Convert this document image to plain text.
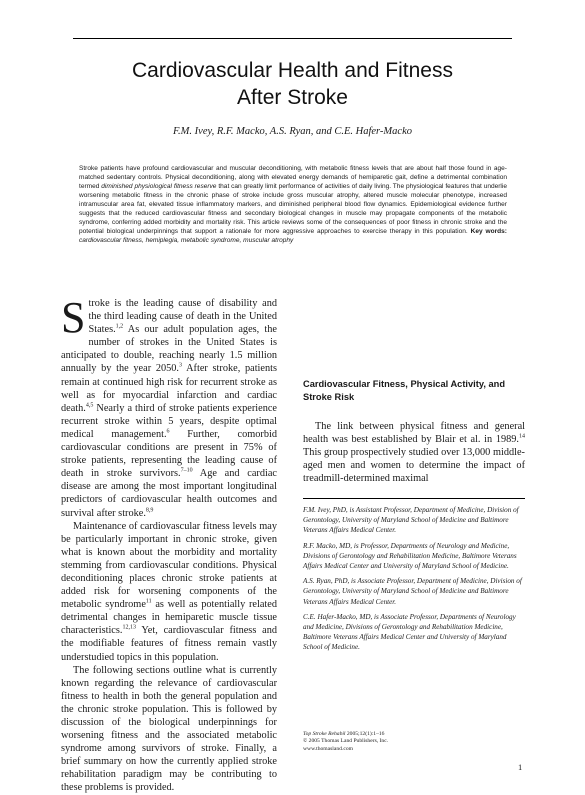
Cardiovascular Health and Fitness
After Stroke
F.M. Ivey, R.F. Macko, A.S. Ryan, and C.E. Hafer-Macko
Stroke patients have profound cardiovascular and muscular deconditioning, with metabolic fitness levels that are about half those found in age-matched sedentary controls. Physical deconditioning, along with elevated energy demands of hemiparetic gait, define a detrimental combination termed diminished physiological fitness reserve that can greatly limit performance of activities of daily living. The physiological features that underlie worsening metabolic fitness in the chronic phase of stroke include gross muscular atrophy, altered muscle molecular phenotype, increased intramuscular area fat, elevated tissue inflammatory markers, and diminished peripheral blood flow dynamics. Epidemiological evidence further suggests that the reduced cardiovascular fitness and secondary biological changes in muscle may propagate components of the metabolic syndrome, conferring added morbidity and mortality risk. This article reviews some of the consequences of poor fitness in chronic stroke and the potential biological underpinnings that support a rationale for more aggressive approaches to exercise therapy in this population. Key words: cardiovascular fitness, hemiplegia, metabolic syndrome, muscular atrophy

Stroke is the leading cause of disability and the third leading cause of death in the United States.$^{1,2}$ As our adult population ages, the number of strokes in the United States is anticipated to double, reaching nearly 1.5 million annually by the year 2050.$^3$ After stroke, patients remain at continued high risk for recurrent stroke as well as for myocardial infarction and cardiac death.$^{4,5}$ Nearly a third of stroke patients experience recurrent stroke within 5 years, despite optimal medical management.$^6$ Further, comorbid cardiovascular conditions are present in 75% of stroke patients, representing the leading cause of death in stroke survivors.$^{7-10}$ Age and cardiac disease are among the most important longitudinal predictors of cardiovascular health outcomes and survival after stroke.$^{8,9}$

Maintenance of cardiovascular fitness levels may be particularly important in chronic stroke, given what is known about the morbidity and mortality stemming from cardiovascular conditions. Physical deconditioning places chronic stroke patients at added risk for worsening components of the metabolic syndrome$^{11}$ as well as potentially related detrimental changes in hemiparetic muscle tissue characteristics.$^{12,13}$ Yet, cardiovascular fitness and the modifiable features of fitness remain vastly understudied topics in this population.

The following sections outline what is currently known regarding the relevance of cardiovascular fitness to health in both the general population and the chronic stroke population. This is followed by discussion of the biological underpinnings for worsening fitness and the associated metabolic syndrome among survivors of stroke. Finally, a brief summary on how the currently applied stroke rehabilitation paradigm may be contributing to these problems is provided.

Cardiovascular Fitness, Physical Activity, and Stroke Risk

The link between physical fitness and general health was best established by Blair et al. in 1989.14 This group prospectively studied over 13,000 middle-aged men and women to determine the impact of treadmill-determined maximal

F.M. Ivey, PhD, is Assistant Professor, Department of Medicine, Division of Gerontology, University of Maryland School of Medicine and Baltimore Veterans Affairs Medical Center.

R.F. Macko, MD, is Professor, Departments of Neurology and Medicine, Divisions of Gerontology and Rehabilitation Medicine, Baltimore Veterans Affairs Medical Center and University of Maryland School of Medicine.

A.S. Ryan, PhD, is Associate Professor, Department of Medicine, Division of Gerontology, University of Maryland School of Medicine and Baltimore Veterans Affairs Medical Center.

C.E. Hafer-Macko, MD, is Associate Professor, Departments of Neurology and Medicine, Divisions of Gerontology and Rehabilitation Medicine, Baltimore Veterans Affairs Medical Center and University of Maryland School of Medicine.

Top Stroke Rehabil 2005;12(1):1–16
© 2005 Thomas Land Publishers, Inc.
www.thomasland.com
1
